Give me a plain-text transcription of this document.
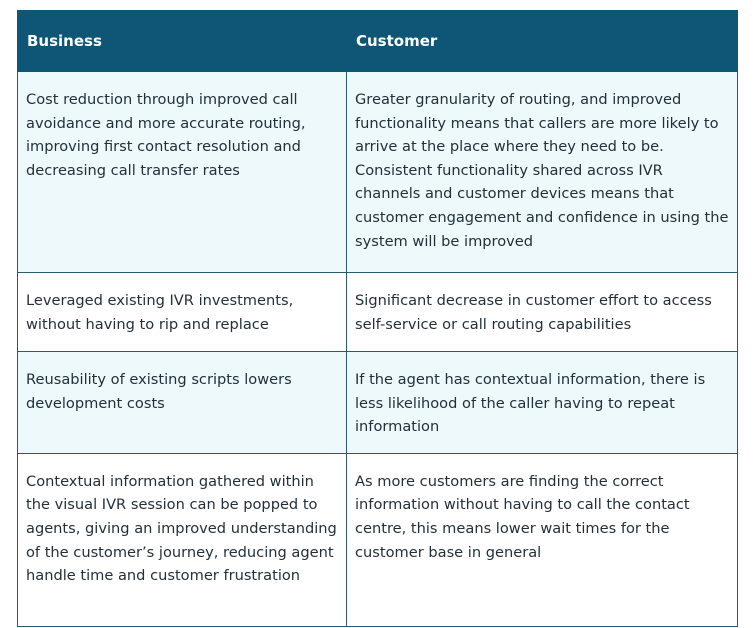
Business	Customer
Cost reduction through improved call avoidance and more accurate routing, improving first contact resolution and decreasing call transfer rates	Greater granularity of routing, and improved functionality means that callers are more likely to arrive at the place where they need to be. Consistent functionality shared across IVR channels and customer devices means that customer engagement and confidence in using the system will be improved
Leveraged existing IVR investments, without having to rip and replace	Significant decrease in customer effort to access self-service or call routing capabilities
Reusability of existing scripts lowers development costs	If the agent has contextual information, there is less likelihood of the caller having to repeat information
Contextual information gathered within the visual IVR session can be popped to agents, giving an improved understanding of the customer’s journey, reducing agent handle time and customer frustration	As more customers are finding the correct information without having to call the contact centre, this means lower wait times for the customer base in general
